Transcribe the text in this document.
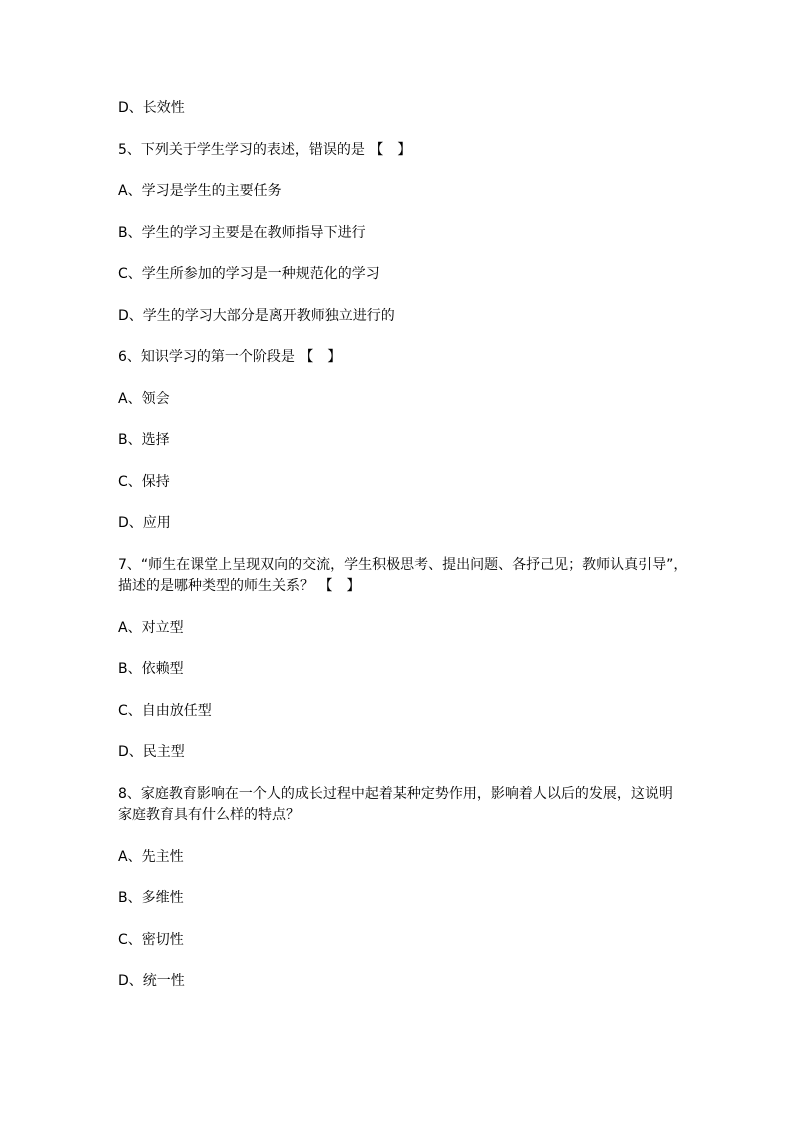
D、长效性

5、下列关于学生学习的表述，错误的是 【　】

A、学习是学生的主要任务

B、学生的学习主要是在教师指导下进行

C、学生所参加的学习是一种规范化的学习

D、学生的学习大部分是离开教师独立进行的

6、知识学习的第一个阶段是 【　】

A、领会

B、选择

C、保持

D、应用

7、“师生在课堂上呈现双向的交流，学生积极思考、提出问题、各抒己见；教师认真引导”，

描述的是哪种类型的师生关系？ 【　】

A、对立型

B、依赖型

C、自由放任型

D、民主型

8、家庭教育影响在一个人的成长过程中起着某种定势作用，影响着人以后的发展，这说明

家庭教育具有什么样的特点？

A、先主性

B、多维性

C、密切性

D、统一性
